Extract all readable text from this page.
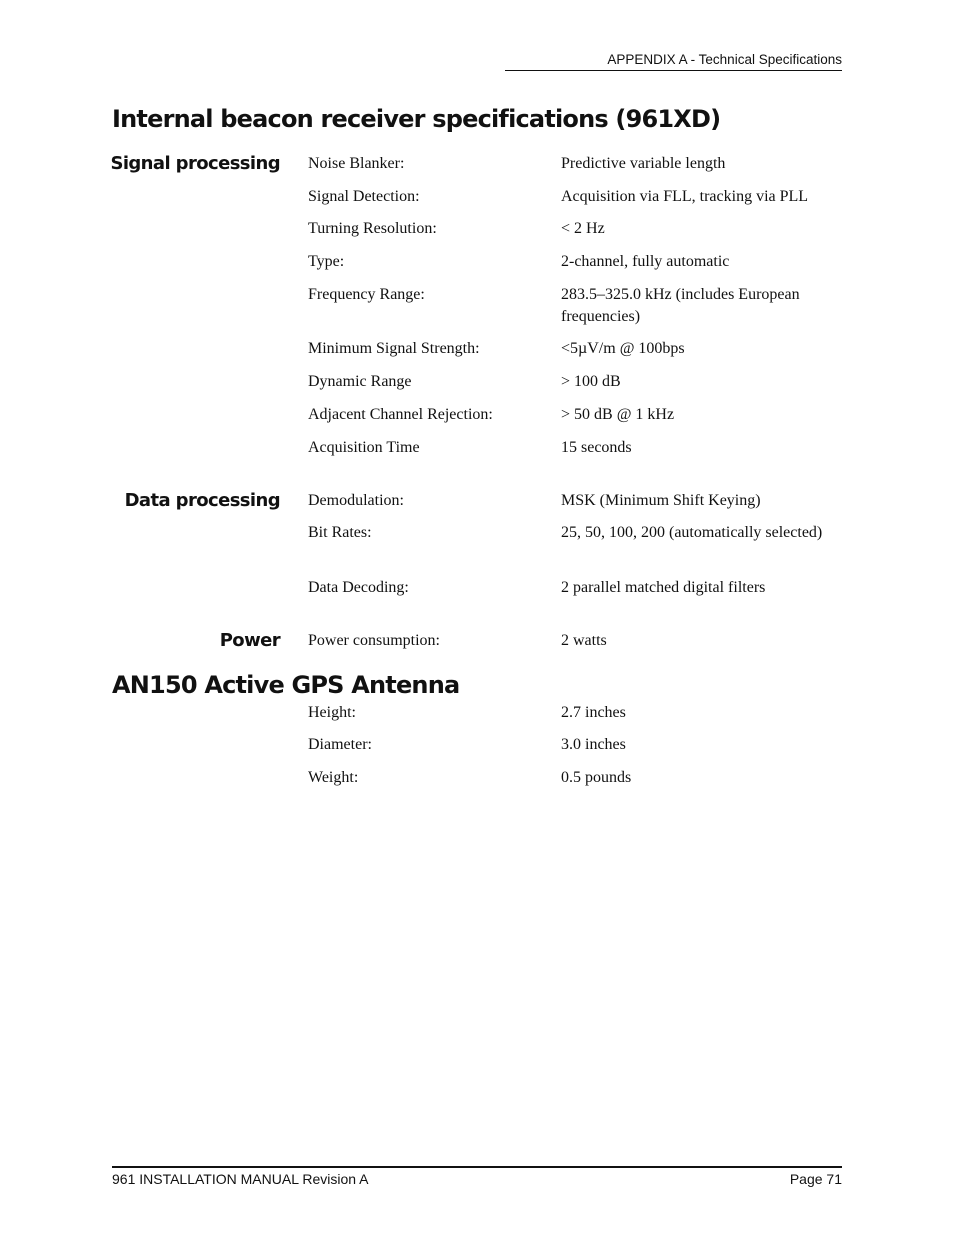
APPENDIX A - Technical Specifications
Internal beacon receiver specifications (961XD)
Signal processing Noise Blanker:	Predictive variable length
Signal Detection:	Acquisition via FLL, tracking via PLL
Turning Resolution:	< 2 Hz
Type:	2-channel, fully automatic
Frequency Range:	283.5–325.0 kHz (includes European frequencies)
Minimum Signal Strength:	<5µV/m @ 100bps
Dynamic Range	> 100 dB
Adjacent Channel Rejection:	> 50 dB @ 1 kHz
Acquisition Time	15 seconds
Data processing Demodulation:	MSK (Minimum Shift Keying)
Bit Rates:	25, 50, 100, 200 (automatically selected)
Data Decoding:	2 parallel matched digital filters
Power Power consumption:	2 watts
AN150 Active GPS Antenna
Height:	2.7 inches
Diameter:	3.0 inches
Weight:	0.5 pounds
961 INSTALLATION MANUAL Revision A	Page 71
